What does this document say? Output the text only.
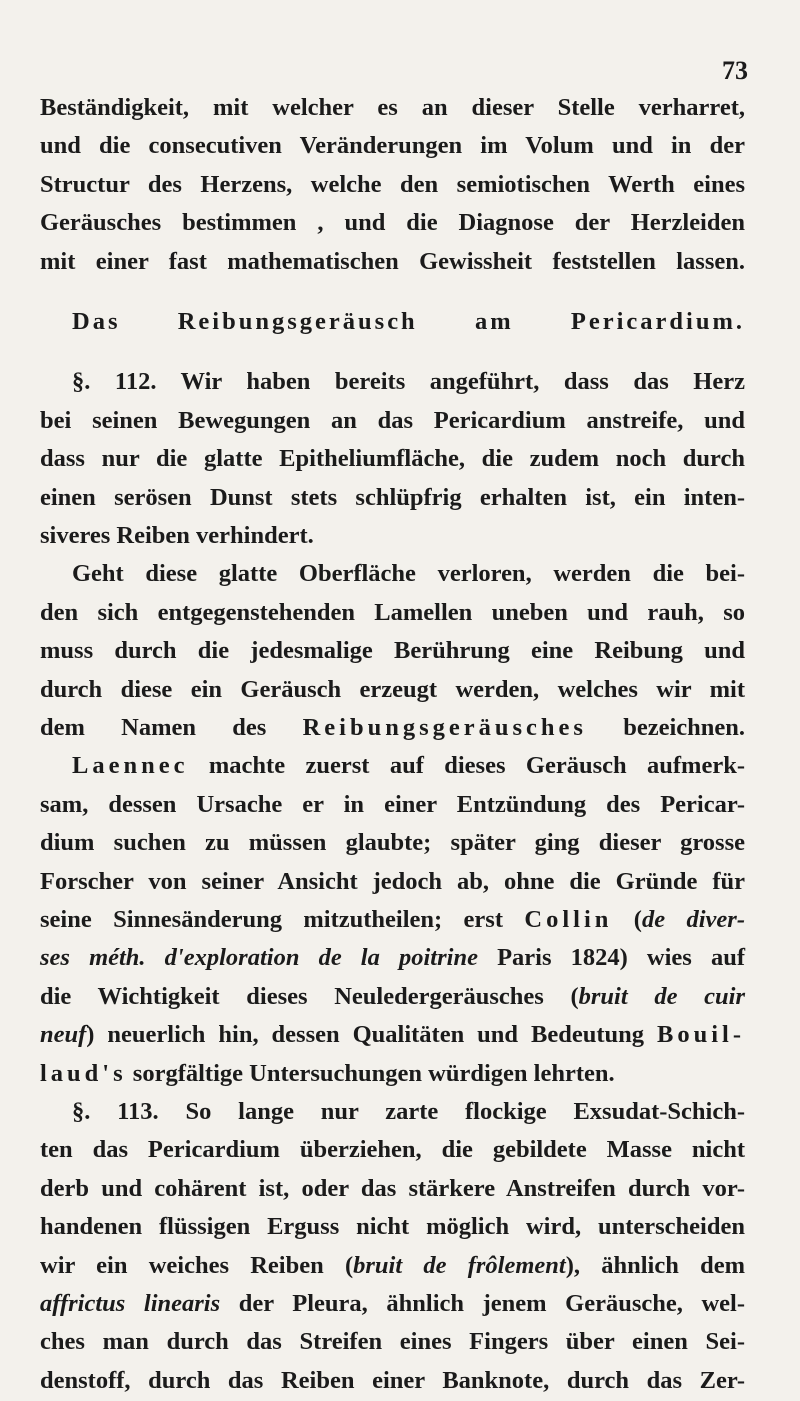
73
Beständigkeit, mit welcher es an dieser Stelle verharret,
und die consecutiven Veränderungen im Volum und in der
Structur des Herzens, welche den semiotischen Werth eines
Geräusches bestimmen , und die Diagnose der Herzleiden
mit einer fast mathematischen Gewissheit feststellen lassen.
Das Reibungsgeräusch am Pericardium.
§. 112. Wir haben bereits angeführt, dass das Herz
bei seinen Bewegungen an das Pericardium anstreife, und
dass nur die glatte Epitheliumfläche, die zudem noch durch
einen serösen Dunst stets schlüpfrig erhalten ist, ein inten-
siveres Reiben verhindert.
Geht diese glatte Oberfläche verloren, werden die bei-
den sich entgegenstehenden Lamellen uneben und rauh, so
muss durch die jedesmalige Berührung eine Reibung und
durch diese ein Geräusch erzeugt werden, welches wir mit
dem Namen des Reibungsgeräusches bezeichnen.
Laennec machte zuerst auf dieses Geräusch aufmerk-
sam, dessen Ursache er in einer Entzündung des Pericar-
dium suchen zu müssen glaubte; später ging dieser grosse
Forscher von seiner Ansicht jedoch ab, ohne die Gründe für
seine Sinnesänderung mitzutheilen; erst Collin (de diver-
ses méth. d'exploration de la poitrine Paris 1824) wies auf
die Wichtigkeit dieses Neuledergeräusches (bruit de cuir
neuf) neuerlich hin, dessen Qualitäten und Bedeutung Bouil-
laud's sorgfältige Untersuchungen würdigen lehrten.
§. 113. So lange nur zarte flockige Exsudat-Schich-
ten das Pericardium überziehen, die gebildete Masse nicht
derb und cohärent ist, oder das stärkere Anstreifen durch vor-
handenen flüssigen Erguss nicht möglich wird, unterscheiden
wir ein weiches Reiben (bruit de frôlement), ähnlich dem
affrictus linearis der Pleura, ähnlich jenem Geräusche, wel-
ches man durch das Streifen eines Fingers über einen Sei-
denstoff, durch das Reiben einer Banknote, durch das Zer-
